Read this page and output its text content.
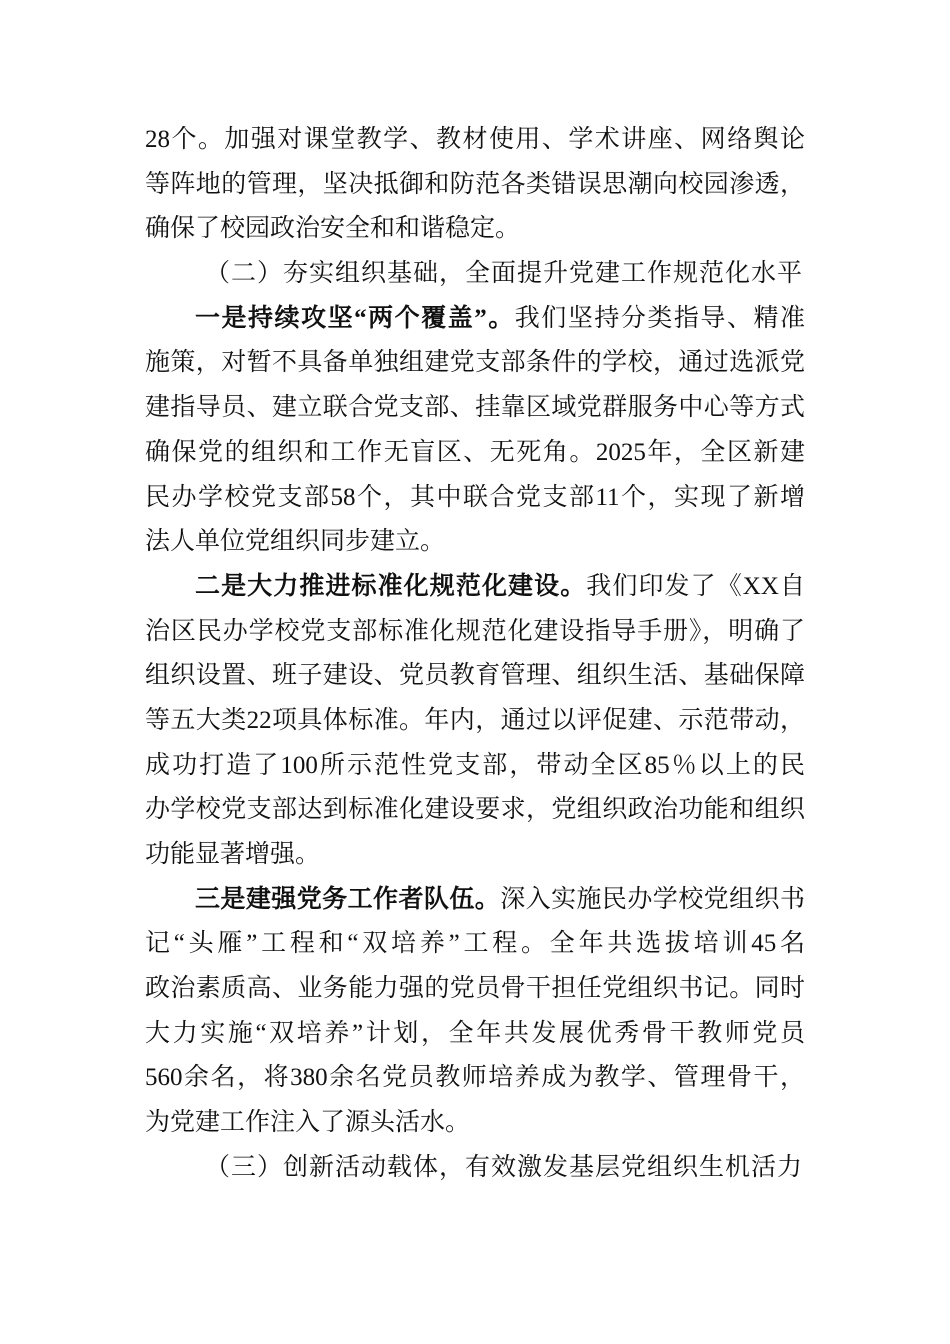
28个。加强对课堂教学、教材使用、学术讲座、网络舆论
等阵地的管理，坚决抵御和防范各类错误思潮向校园渗透，
确保了校园政治安全和和谐稳定。
（二）夯实组织基础，全面提升党建工作规范化水平
一是持续攻坚“两个覆盖”。我们坚持分类指导、精准
施策，对暂不具备单独组建党支部条件的学校，通过选派党
建指导员、建立联合党支部、挂靠区域党群服务中心等方式
确保党的组织和工作无盲区、无死角。2025年，全区新建
民办学校党支部58个，其中联合党支部11个，实现了新增
法人单位党组织同步建立。
二是大力推进标准化规范化建设。我们印发了《XX自
治区民办学校党支部标准化规范化建设指导手册》，明确了
组织设置、班子建设、党员教育管理、组织生活、基础保障
等五大类22项具体标准。年内，通过以评促建、示范带动，
成功打造了100所示范性党支部，带动全区85％以上的民
办学校党支部达到标准化建设要求，党组织政治功能和组织
功能显著增强。
三是建强党务工作者队伍。深入实施民办学校党组织书
记“头雁”工程和“双培养”工程。全年共选拔培训45名
政治素质高、业务能力强的党员骨干担任党组织书记。同时
大力实施“双培养”计划，全年共发展优秀骨干教师党员
560余名，将380余名党员教师培养成为教学、管理骨干，
为党建工作注入了源头活水。
（三）创新活动载体，有效激发基层党组织生机活力
